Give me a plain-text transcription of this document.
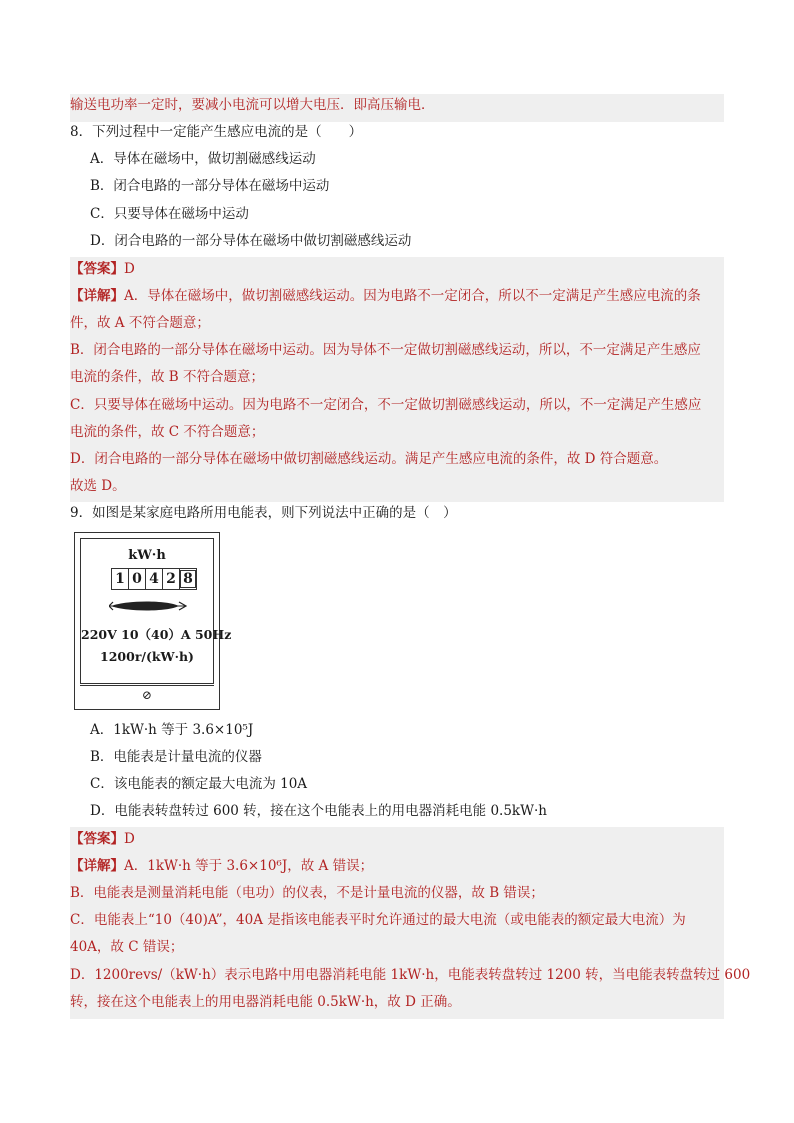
输送电功率一定时，要减小电流可以增大电压．即高压输电．
8．下列过程中一定能产生感应电流的是（　　）
A．导体在磁场中，做切割磁感线运动
B．闭合电路的一部分导体在磁场中运动
C．只要导体在磁场中运动
D．闭合电路的一部分导体在磁场中做切割磁感线运动
【答案】D
【详解】A．导体在磁场中，做切割磁感线运动。因为电路不一定闭合，所以不一定满足产生感应电流的条
件，故 A 不符合题意；
B．闭合电路的一部分导体在磁场中运动。因为导体不一定做切割磁感线运动，所以，不一定满足产生感应
电流的条件，故 B 不符合题意；
C．只要导体在磁场中运动。因为电路不一定闭合，不一定做切割磁感线运动，所以，不一定满足产生感应
电流的条件，故 C 不符合题意；
D．闭合电路的一部分导体在磁场中做切割磁感线运动。满足产生感应电流的条件，故 D 符合题意。
故选 D。
9．如图是某家庭电路所用电能表，则下列说法中正确的是（　）
kW·h
1 0 4 2 8
220V 10（40）A 50Hz
1200r/(kW·h)
⊘
A．1kW·h 等于 3.6×10⁵J
B．电能表是计量电流的仪器
C．该电能表的额定最大电流为 10A
D．电能表转盘转过 600 转，接在这个电能表上的用电器消耗电能 0.5kW·h
【答案】D
【详解】A．1kW·h 等于 3.6×10⁶J，故 A 错误；
B．电能表是测量消耗电能（电功）的仪表，不是计量电流的仪器，故 B 错误；
C．电能表上“10（40)A”，40A 是指该电能表平时允许通过的最大电流（或电能表的额定最大电流）为
40A，故 C 错误；
D．1200revs/（kW·h）表示电路中用电器消耗电能 1kW·h，电能表转盘转过 1200 转，当电能表转盘转过 600
转，接在这个电能表上的用电器消耗电能 0.5kW·h，故 D 正确。
